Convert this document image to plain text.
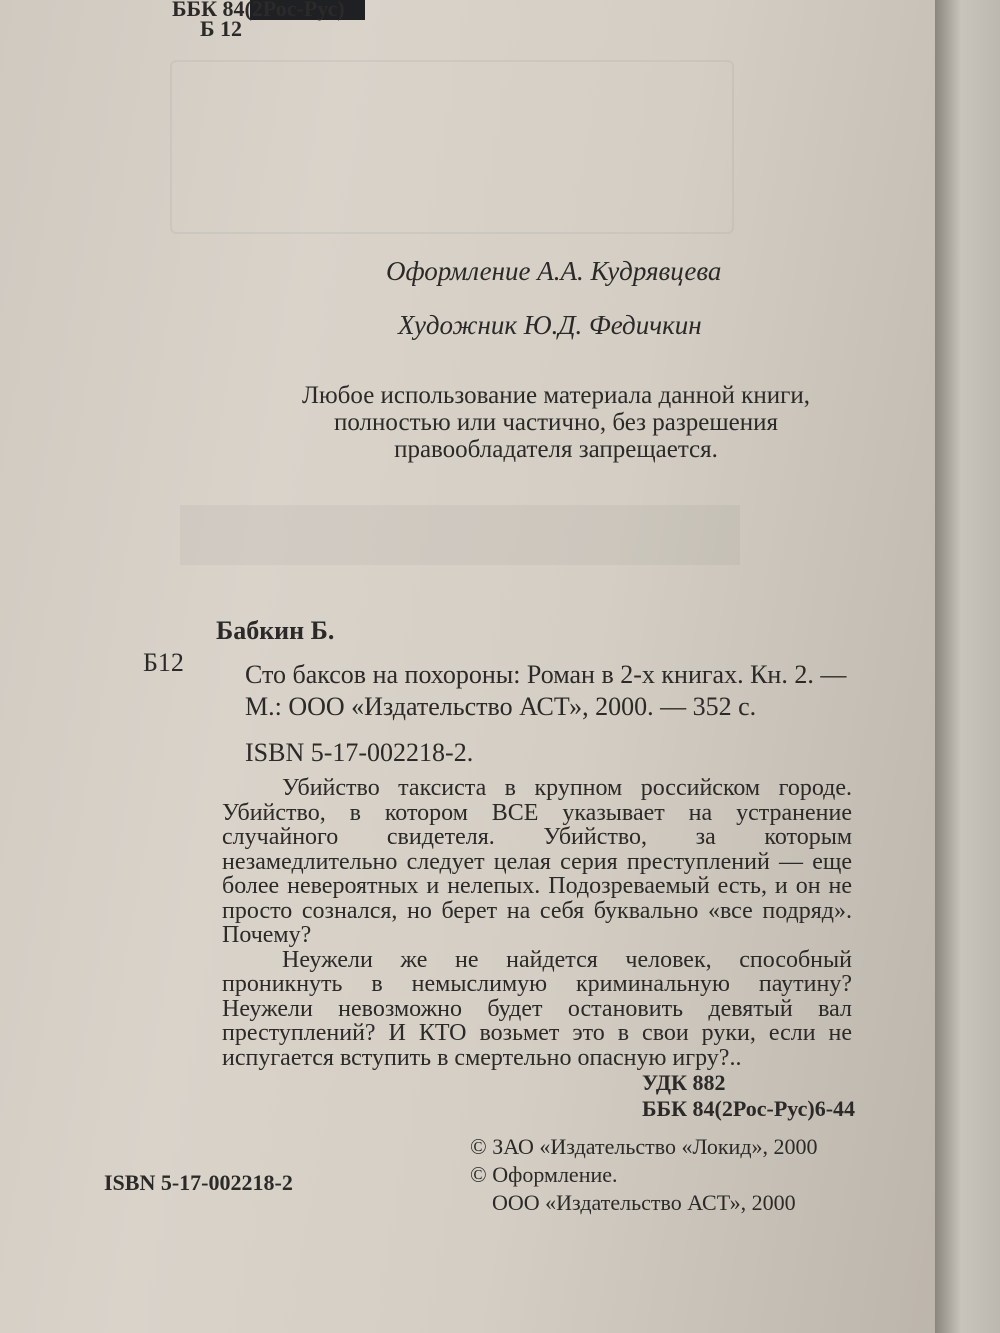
ББК 84(2Рос-Рус)
Б 12
Оформление А.А. Кудрявцева
Художник Ю.Д. Федичкин
Любое использование материала данной книги,
полностью или частично, без разрешения
правообладателя запрещается.
Бабкин Б.
Б12 Сто баксов на похороны: Роман в 2-х книгах. Кн. 2. —
М.: ООО «Издательство АСТ», 2000. — 352 с.
ISBN 5-17-002218-2.

Убийство таксиста в крупном российском городе. Убийство, в котором ВСЕ указывает на устранение случайного свидетеля. Убийство, за которым незамедлительно следует целая серия преступлений — еще более невероятных и нелепых. Подозреваемый есть, и он не просто сознался, но берет на себя буквально «все подряд». Почему?

Неужели же не найдется человек, способный проникнуть в немыслимую криминальную паутину? Неужели невозможно будет остановить девятый вал преступлений? И КТО возьмет это в свои руки, если не испугается вступить в смертельно опасную игру?..

УДК 882
ББК 84(2Рос-Рус)6-44
ISBN 5-17-002218-2
© ЗАО «Издательство «Локид», 2000
© Оформление.
ООО «Издательство АСТ», 2000
